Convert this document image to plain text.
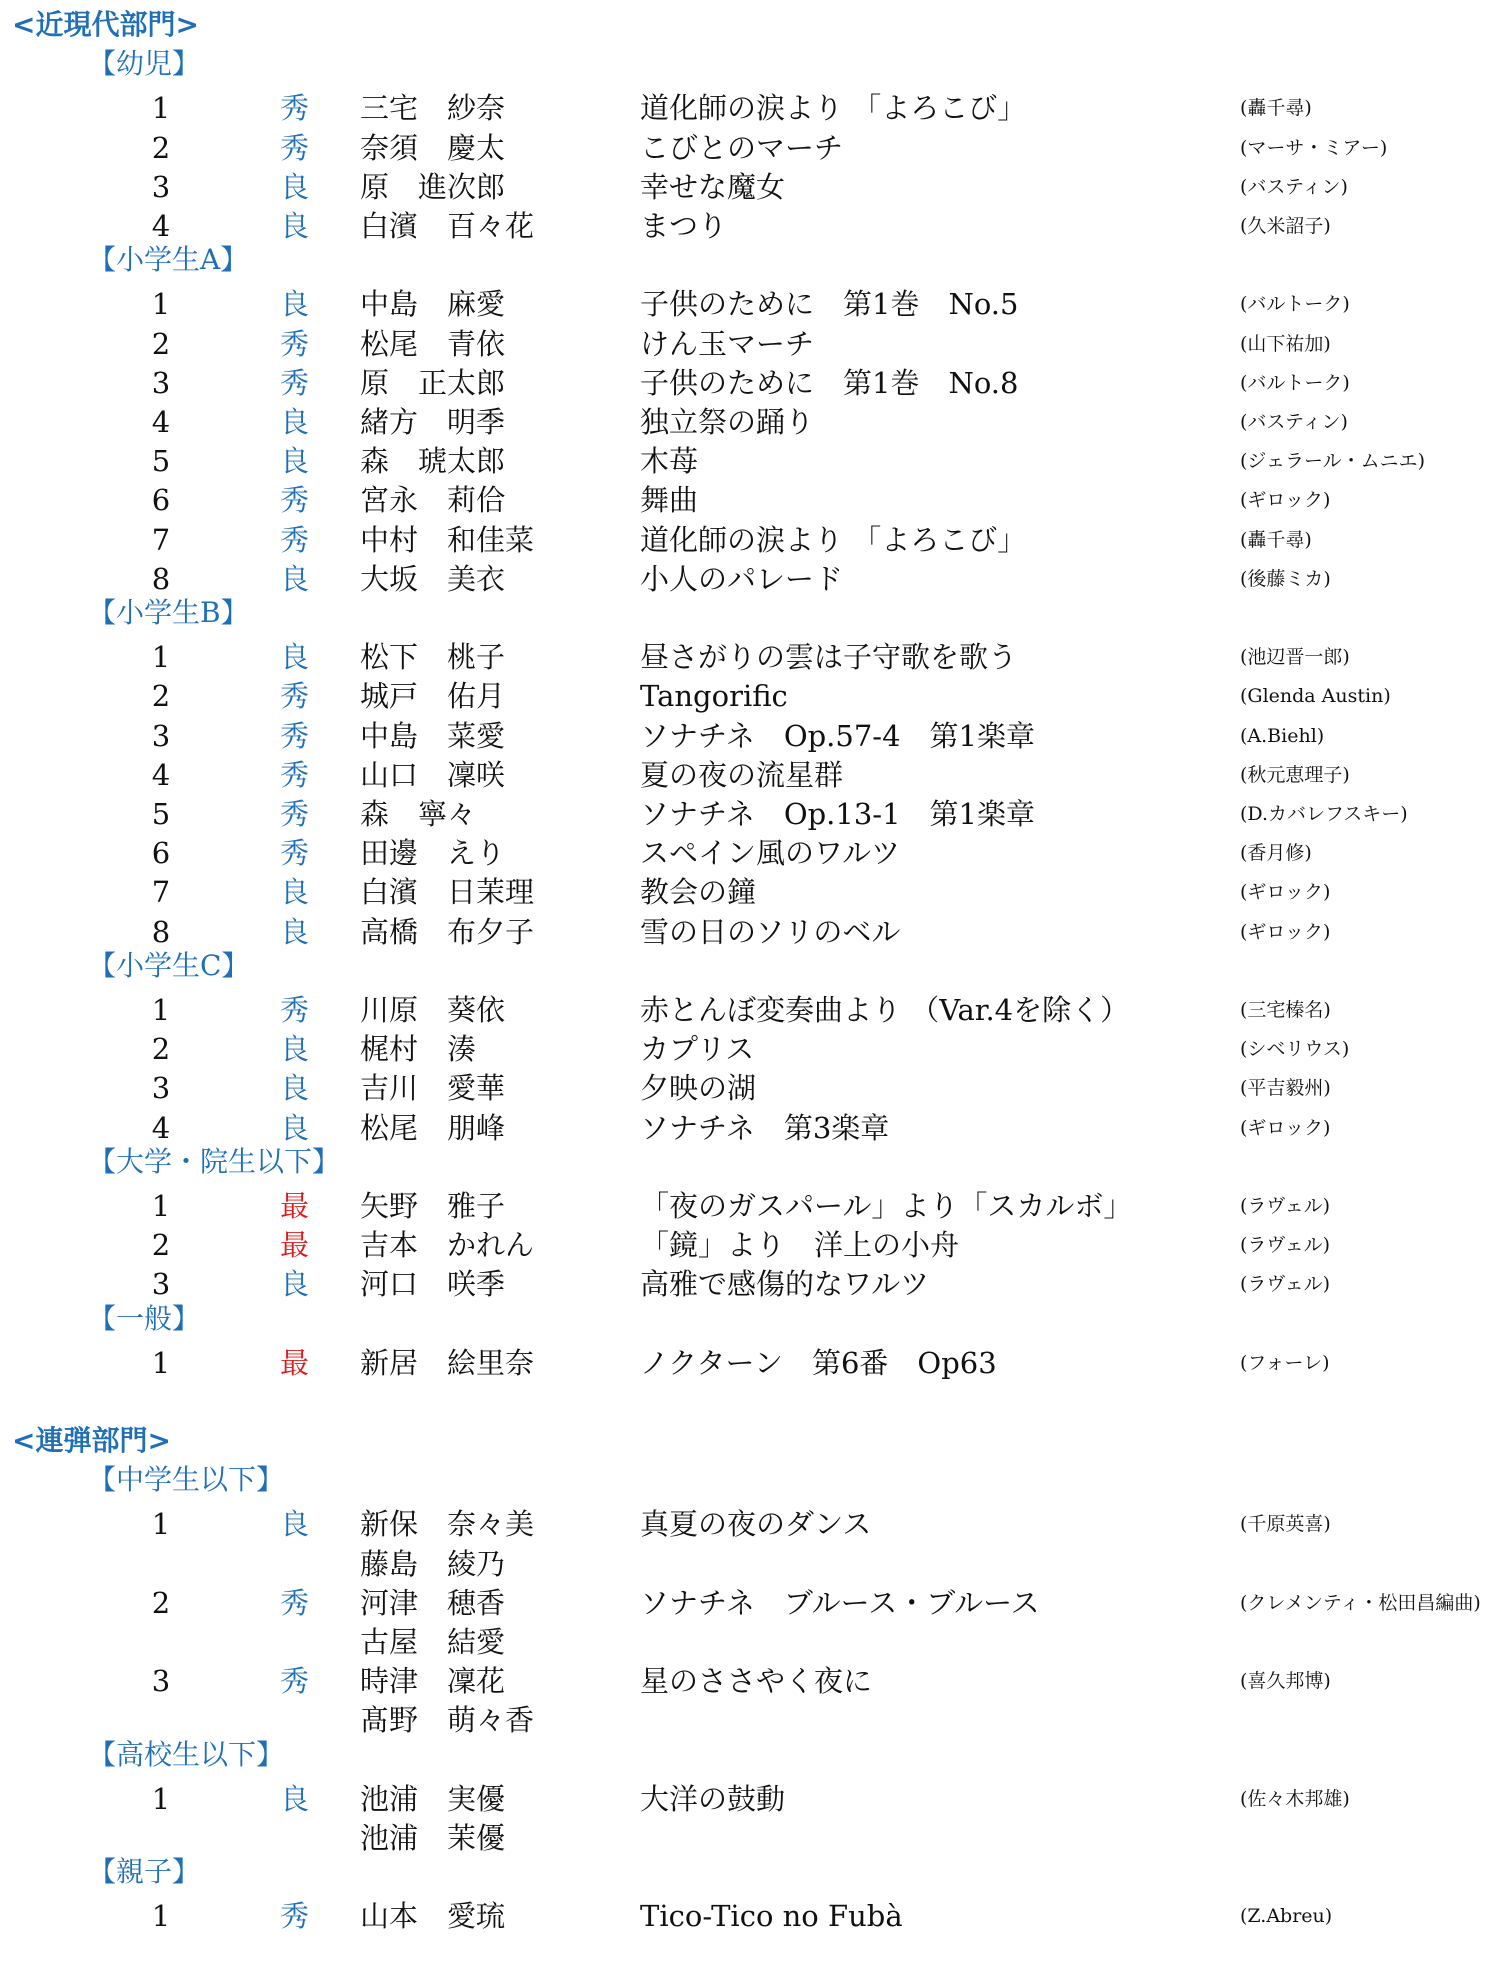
<近現代部門>
【幼児】
1	秀 三宅　紗奈	道化師の涙より 「よろこび」	(轟千尋)
2	秀 奈須　慶太	こびとのマーチ	(マーサ・ミアー)
3	良 原　進次郎	幸せな魔女	(バスティン)
4	良 白濱　百々花	まつり	(久米詔子)
【小学生A】
1	良 中島　麻愛	子供のために　第1巻　No.5	(バルトーク)
2	秀 松尾　青依	けん玉マーチ	(山下祐加)
3	秀 原　正太郎	子供のために　第1巻　No.8	(バルトーク)
4	良 緒方　明季	独立祭の踊り	(バスティン)
5	良 森　琥太郎	木苺	(ジェラール・ムニエ)
6	秀 宮永　莉佮	舞曲	(ギロック)
7	秀 中村　和佳菜	道化師の涙より 「よろこび」	(轟千尋)
8	良 大坂　美衣	小人のパレード	(後藤ミカ)
【小学生B】
1	良 松下　桃子	昼さがりの雲は子守歌を歌う	(池辺晋一郎)
2	秀 城戸　佑月	Tangorific	(Glenda Austin)
3	秀 中島　菜愛	ソナチネ　Op.57-4　第1楽章	(A.Biehl)
4	秀 山口　凜咲	夏の夜の流星群	(秋元恵理子)
5	秀 森　寧々	ソナチネ　Op.13-1　第1楽章	(D.カバレフスキー)
6	秀 田邊　えり	スペイン風のワルツ	(香月修)
7	良 白濱　日茉理	教会の鐘	(ギロック)
8	良 高橋　布夕子	雪の日のソリのベル	(ギロック)
【小学生C】
1	秀 川原　葵依	赤とんぼ変奏曲より （Var.4を除く）	(三宅榛名)
2	良 梶村　湊	カプリス	(シベリウス)
3	良 吉川　愛華	夕映の湖	(平吉毅州)
4	良 松尾　朋峰	ソナチネ　第3楽章	(ギロック)
【大学・院生以下】
1	最 矢野　雅子	「夜のガスパール」より「スカルボ」	(ラヴェル)
2	最 吉本　かれん	「鏡」より　洋上の小舟	(ラヴェル)
3	良 河口　咲季	高雅で感傷的なワルツ	(ラヴェル)
【一般】
1	最 新居　絵里奈	ノクターン　第6番　Op63	(フォーレ)
<連弾部門>
【中学生以下】
1	良 新保　奈々美	真夏の夜のダンス	(千原英喜)
藤島　綾乃
2	秀 河津　穂香	ソナチネ　ブルース・ブルース	(クレメンティ・松田昌編曲)
古屋　結愛
3	秀 時津　凜花	星のささやく夜に	(喜久邦博)
髙野　萌々香
【高校生以下】
1	良 池浦　実優	大洋の鼓動	(佐々木邦雄)
池浦　茉優
【親子】
1	秀 山本　愛琉	Tico-Tico no Fubà	(Z.Abreu)
